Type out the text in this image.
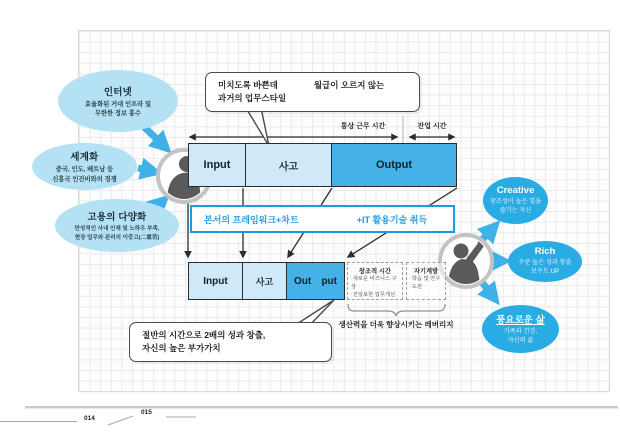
인터넷
효율화된 거대 인프라 및
무한한 정보 홍수
세계화
중국, 인도, 베트남 등
신흥국 인건비와의 경쟁
고용의 다양화
만성적인 사내 인재 및 노하우 부족,
현장 업무와 관리의 이중고(二重苦)
통상 근무 시간	잔업 시간
Input	사고	Output
본서의 프레임워크+차트	+IT 활용기술 취득
Input	사고	Out put
창조적 시간
·새로운 비즈니스 구상
·진일보한 업무개선
자기계발
·학습 및 연구
·도전
생산력을 더욱 향상시키는 레버리지
미치도록 바쁜데	월급이 오르지 않는
과거의 업무스타일
절반의 시간으로 2배의 성과 창출,
자신의 높은 부가가치
Creative
창조성이 높은 일을
즐기는 자신
Rich
수준 높은 성과 창출
보수도 UP
풍요로운 삶
가족과 건강,
자신의 삶
014
015
